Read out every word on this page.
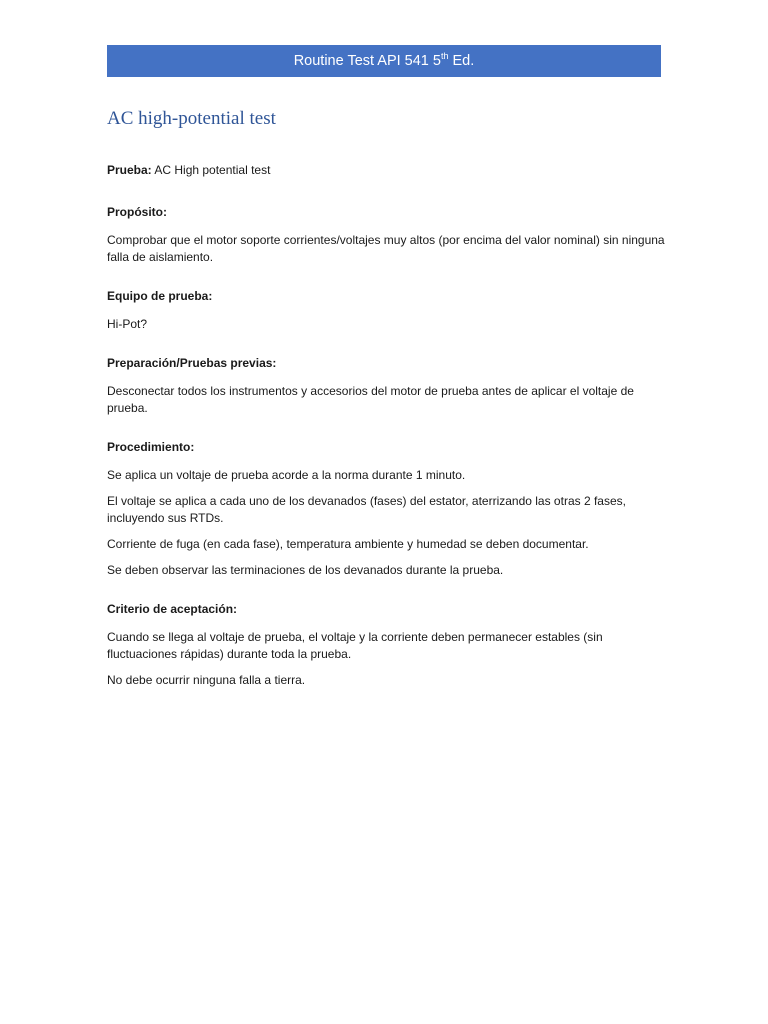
Routine Test API 541 5th Ed.
AC high-potential test

Prueba: AC High potential test

Propósito:

Comprobar que el motor soporte corrientes/voltajes muy altos (por encima del valor nominal) sin ninguna falla de aislamiento.

Equipo de prueba:

Hi-Pot?

Preparación/Pruebas previas:

Desconectar todos los instrumentos y accesorios del motor de prueba antes de aplicar el voltaje de prueba.

Procedimiento:

Se aplica un voltaje de prueba acorde a la norma durante 1 minuto.

El voltaje se aplica a cada uno de los devanados (fases) del estator, aterrizando las otras 2 fases, incluyendo sus RTDs.

Corriente de fuga (en cada fase), temperatura ambiente y humedad se deben documentar.

Se deben observar las terminaciones de los devanados durante la prueba.

Criterio de aceptación:

Cuando se llega al voltaje de prueba, el voltaje y la corriente deben permanecer estables (sin fluctuaciones rápidas) durante toda la prueba.

No debe ocurrir ninguna falla a tierra.
